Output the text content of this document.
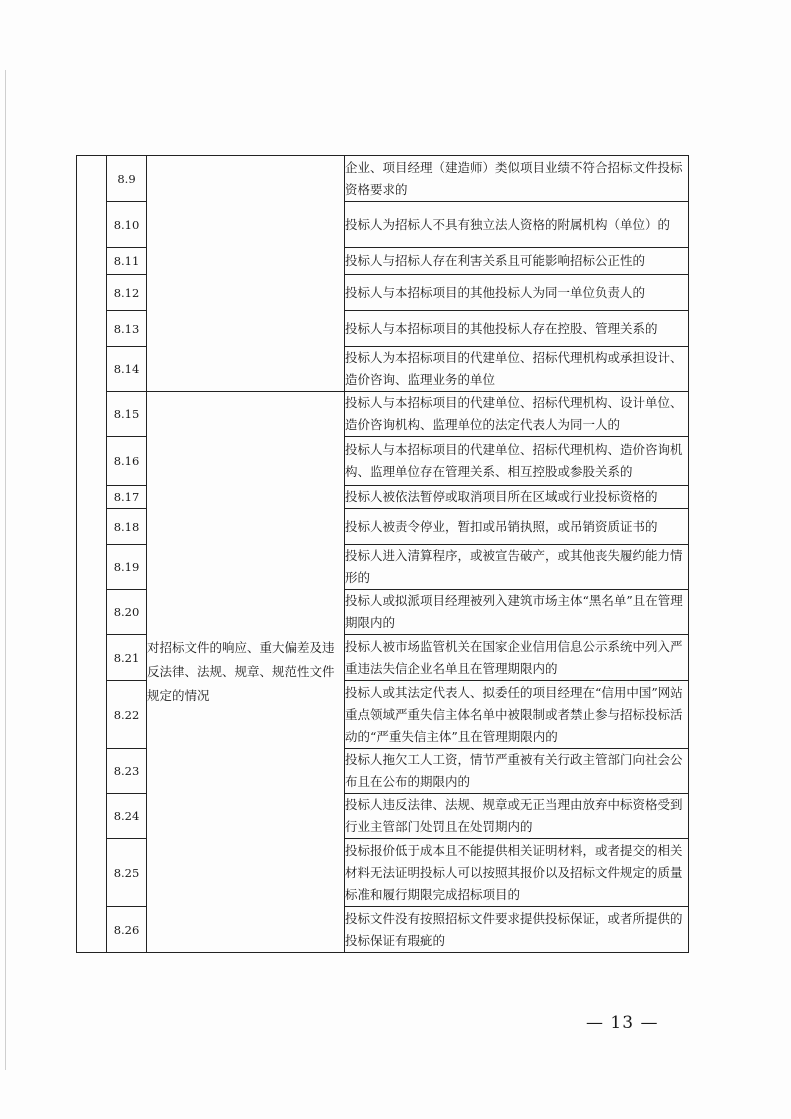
	8.9		企业、项目经理（建造师）类似项目业绩不符合招标文件投标资格要求的
	8.10		投标人为招标人不具有独立法人资格的附属机构（单位）的
	8.11		投标人与招标人存在利害关系且可能影响招标公正性的
	8.12		投标人与本招标项目的其他投标人为同一单位负责人的
	8.13		投标人与本招标项目的其他投标人存在控股、管理关系的
	8.14		投标人为本招标项目的代建单位、招标代理机构或承担设计、造价咨询、监理业务的单位
	8.15	对招标文件的响应、重大偏差及违反法律、法规、规章、规范性文件规定的情况	投标人与本招标项目的代建单位、招标代理机构、设计单位、造价咨询机构、监理单位的法定代表人为同一人的
	8.16		投标人与本招标项目的代建单位、招标代理机构、造价咨询机构、监理单位存在管理关系、相互控股或参股关系的
	8.17		投标人被依法暂停或取消项目所在区域或行业投标资格的
	8.18		投标人被责令停业，暂扣或吊销执照，或吊销资质证书的
	8.19		投标人进入清算程序，或被宣告破产，或其他丧失履约能力情形的
	8.20		投标人或拟派项目经理被列入建筑市场主体“黑名单”且在管理期限内的
	8.21		投标人被市场监管机关在国家企业信用信息公示系统中列入严重违法失信企业名单且在管理期限内的
	8.22		投标人或其法定代表人、拟委任的项目经理在“信用中国”网站重点领域严重失信主体名单中被限制或者禁止参与招标投标活动的“严重失信主体”且在管理期限内的
	8.23		投标人拖欠工人工资，情节严重被有关行政主管部门向社会公布且在公布的期限内的
	8.24		投标人违反法律、法规、规章或无正当理由放弃中标资格受到行业主管部门处罚且在处罚期内的
	8.25		投标报价低于成本且不能提供相关证明材料，或者提交的相关材料无法证明投标人可以按照其报价以及招标文件规定的质量标准和履行期限完成招标项目的
	8.26		投标文件没有按照招标文件要求提供投标保证，或者所提供的投标保证有瑕疵的
— 13 —
